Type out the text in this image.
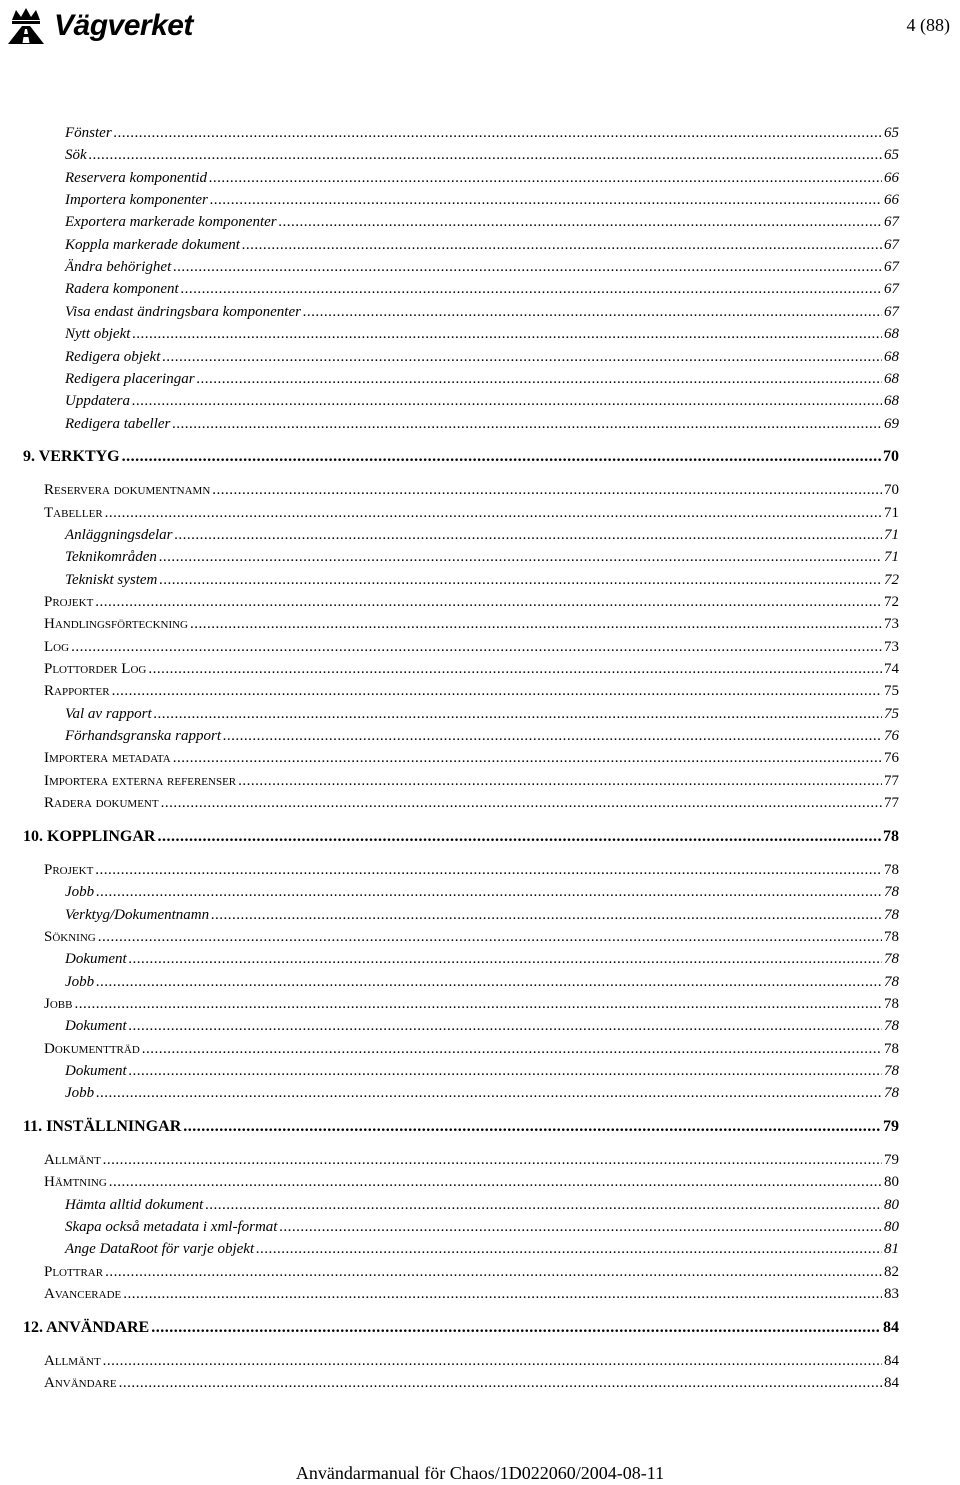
Vägverket	4 (88)
Fönster .....	65
Sök .....	65
Reservera komponentid .....	66
Importera komponenter .....	66
Exportera markerade komponenter .....	67
Koppla markerade dokument .....	67
Ändra behörighet .....	67
Radera komponent .....	67
Visa endast ändringsbara komponenter .....	67
Nytt objekt .....	68
Redigera objekt .....	68
Redigera placeringar .....	68
Uppdatera .....	68
Redigera tabeller .....	69
9. VERKTYG .....	70
Reservera dokumentnamn .....	70
Tabeller .....	71
Anläggningsdelar .....	71
Teknikområden .....	71
Tekniskt system .....	72
Projekt .....	72
Handlingsförteckning .....	73
Log .....	73
Plottorder Log .....	74
Rapporter .....	75
Val av rapport .....	75
Förhandsgranska rapport .....	76
Importera metadata .....	76
Importera externa referenser .....	77
Radera dokument .....	77
10. KOPPLINGAR .....	78
Projekt .....	78
Jobb .....	78
Verktyg/Dokumentnamn .....	78
Sökning .....	78
Dokument .....	78
Jobb .....	78
Jobb .....	78
Dokument .....	78
Dokumentträd .....	78
Dokument .....	78
Jobb .....	78
11. INSTÄLLNINGAR .....	79
Allmänt .....	79
Hämtning .....	80
Hämta alltid dokument .....	80
Skapa också metadata i xml-format .....	80
Ange DataRoot för varje objekt .....	81
Plottrar .....	82
Avancerade .....	83
12. ANVÄNDARE .....	84
Allmänt .....	84
Användare .....	84
Användarmanual för Chaos/1D022060/2004-08-11
